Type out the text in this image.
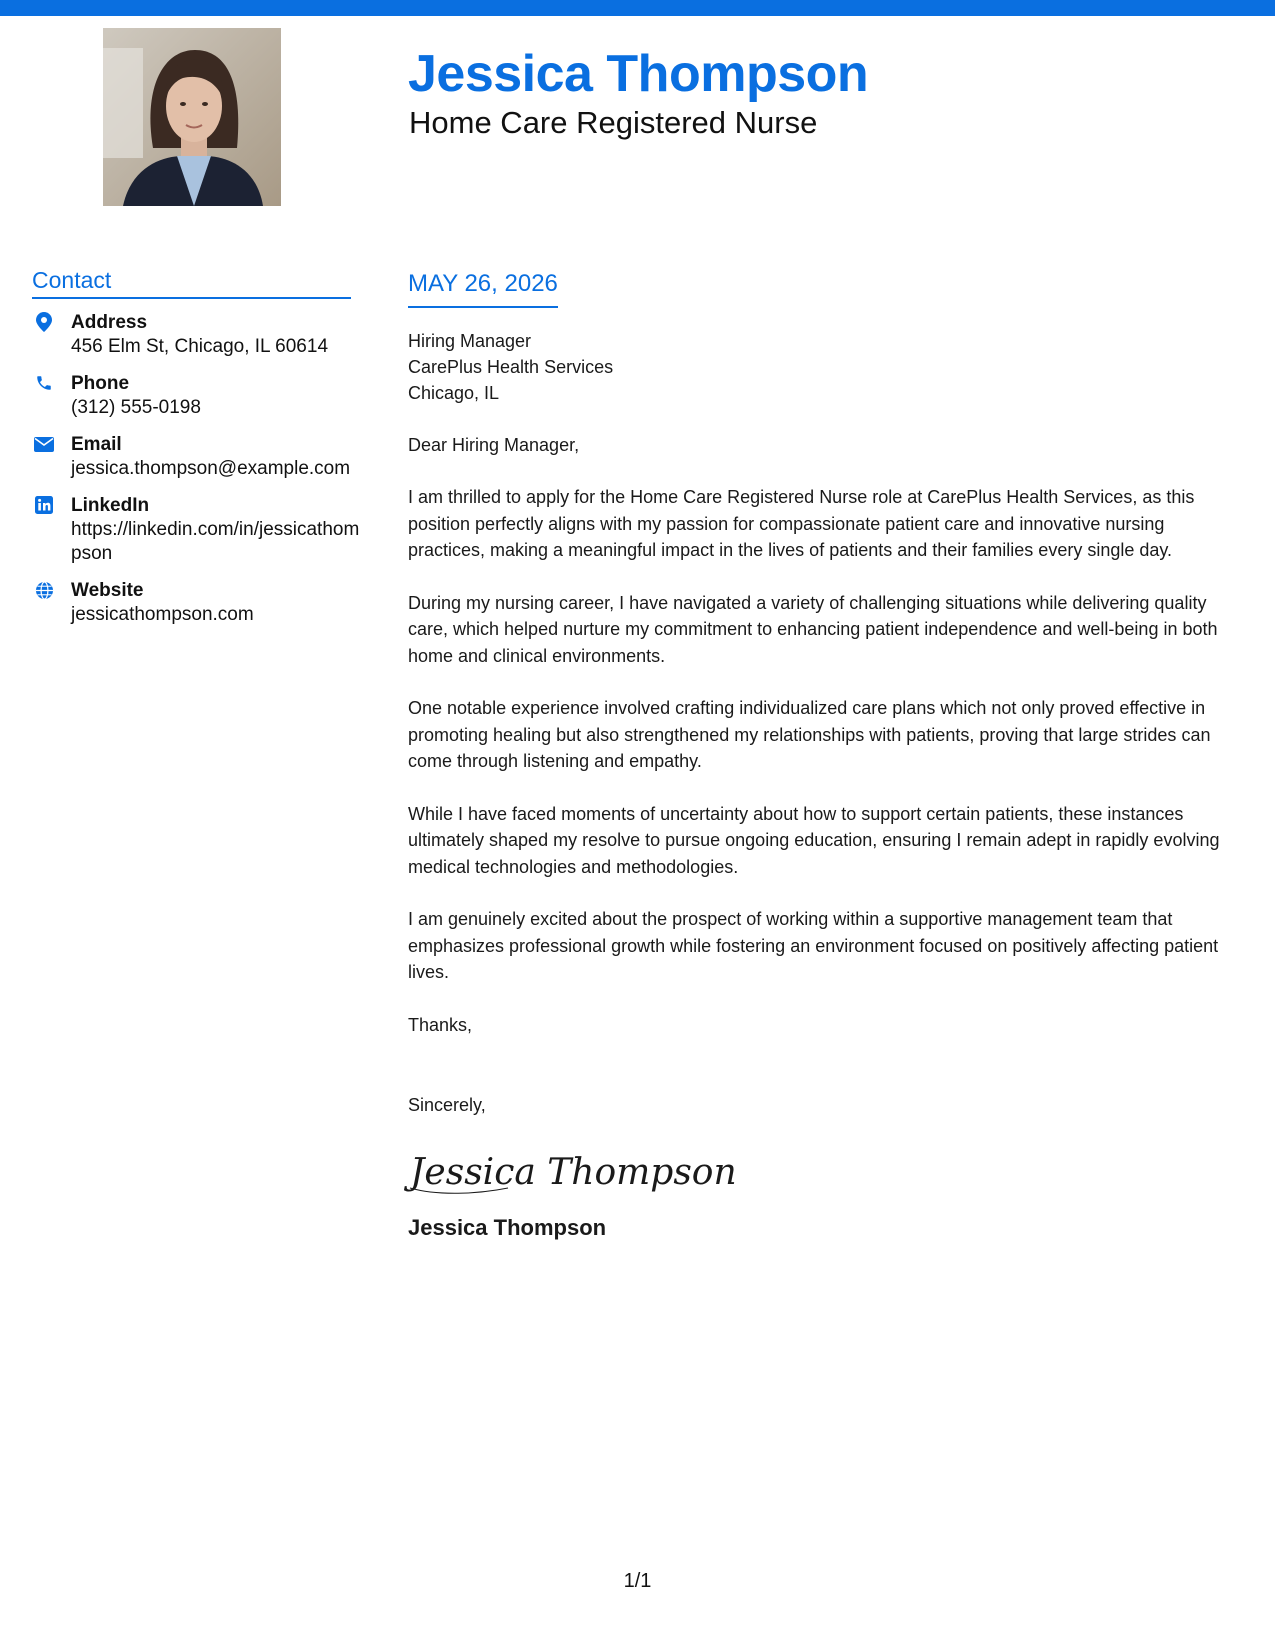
Jessica Thompson
Home Care Registered Nurse
Contact
Address
456 Elm St, Chicago, IL 60614
Phone
(312) 555-0198
Email
jessica.thompson@example.com
LinkedIn
https://linkedin.com/in/jessicathompson
Website
jessicathompson.com
MAY 26, 2026
Hiring Manager
CarePlus Health Services
Chicago, IL
Dear Hiring Manager,
I am thrilled to apply for the Home Care Registered Nurse role at CarePlus Health Services, as this position perfectly aligns with my passion for compassionate patient care and innovative nursing practices, making a meaningful impact in the lives of patients and their families every single day.
During my nursing career, I have navigated a variety of challenging situations while delivering quality care, which helped nurture my commitment to enhancing patient independence and well-being in both home and clinical environments.
One notable experience involved crafting individualized care plans which not only proved effective in promoting healing but also strengthened my relationships with patients, proving that large strides can come through listening and empathy.
While I have faced moments of uncertainty about how to support certain patients, these instances ultimately shaped my resolve to pursue ongoing education, ensuring I remain adept in rapidly evolving medical technologies and methodologies.
I am genuinely excited about the prospect of working within a supportive management team that emphasizes professional growth while fostering an environment focused on positively affecting patient lives.
Thanks,
Sincerely,
Jessica Thompson
Jessica Thompson
1/1
